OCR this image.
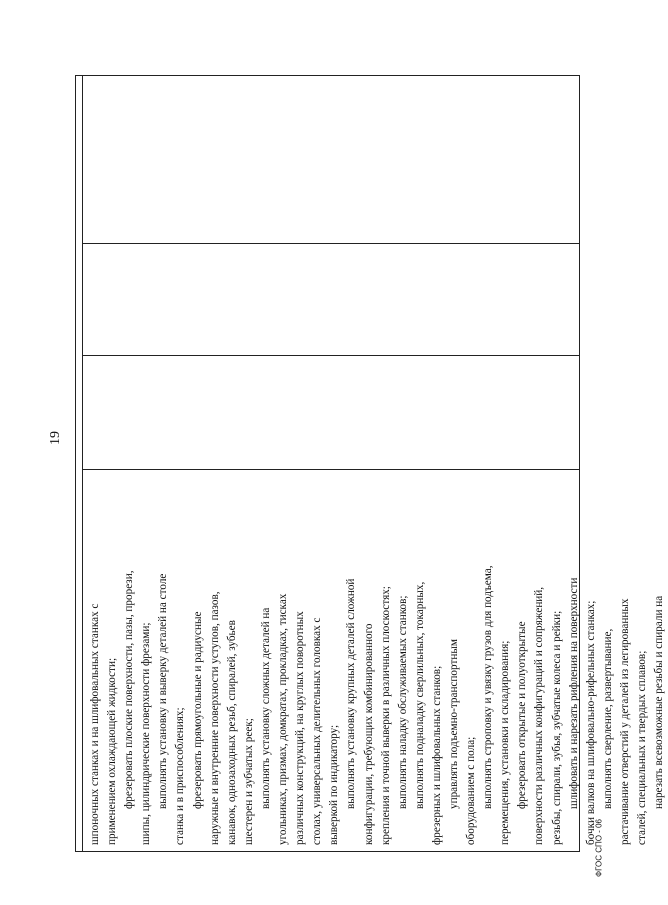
19

шпоночных станках и на шлифовальных станках с применением охлаждающей жидкости; фрезеровать плоские поверхности, пазы, прорези, шипы, цилиндрические поверхности фрезами; выполнять установку и выверку деталей на столе станка и в приспособлениях; фрезеровать прямоугольные и радиусные наружные и внутренние поверхности уступов, пазов, канавок, однозаходных резьб, спиралей, зубьев шестерен и зубчатых реек; выполнять установку сложных деталей на угольниках, призмах, домкратах, прокладках, тисках различных конструкций, на круглых поворотных столах, универсальных делительных головках с выверкой по индикатору; выполнять установку крупных деталей сложной конфигурации, требующих комбинированного крепления и точной выверки в различных плоскостях; выполнять наладку обслуживаемых станков; выполнять подналадку сверлильных, токарных, фрезерных и шлифовальных станков; управлять подъемно-транспортным оборудованием с пола; выполнять строповку и увязку грузов для подъема, перемещения, установки и складирования; фрезеровать открытые и полуоткрытые поверхности различных конфигураций и сопряжений, резьбы, спирали, зубья, зубчатые колеса и рейки; шлифовать и нарезать рифления на поверхности бочки валков на шлифовально-рифельных станках; выполнять сверление, развертывание, растачивание отверстий у деталей из легированных сталей, специальных и твердых сплавов; нарезать всевозможные резьбы и спирали на

ФГОС СПО - 06
